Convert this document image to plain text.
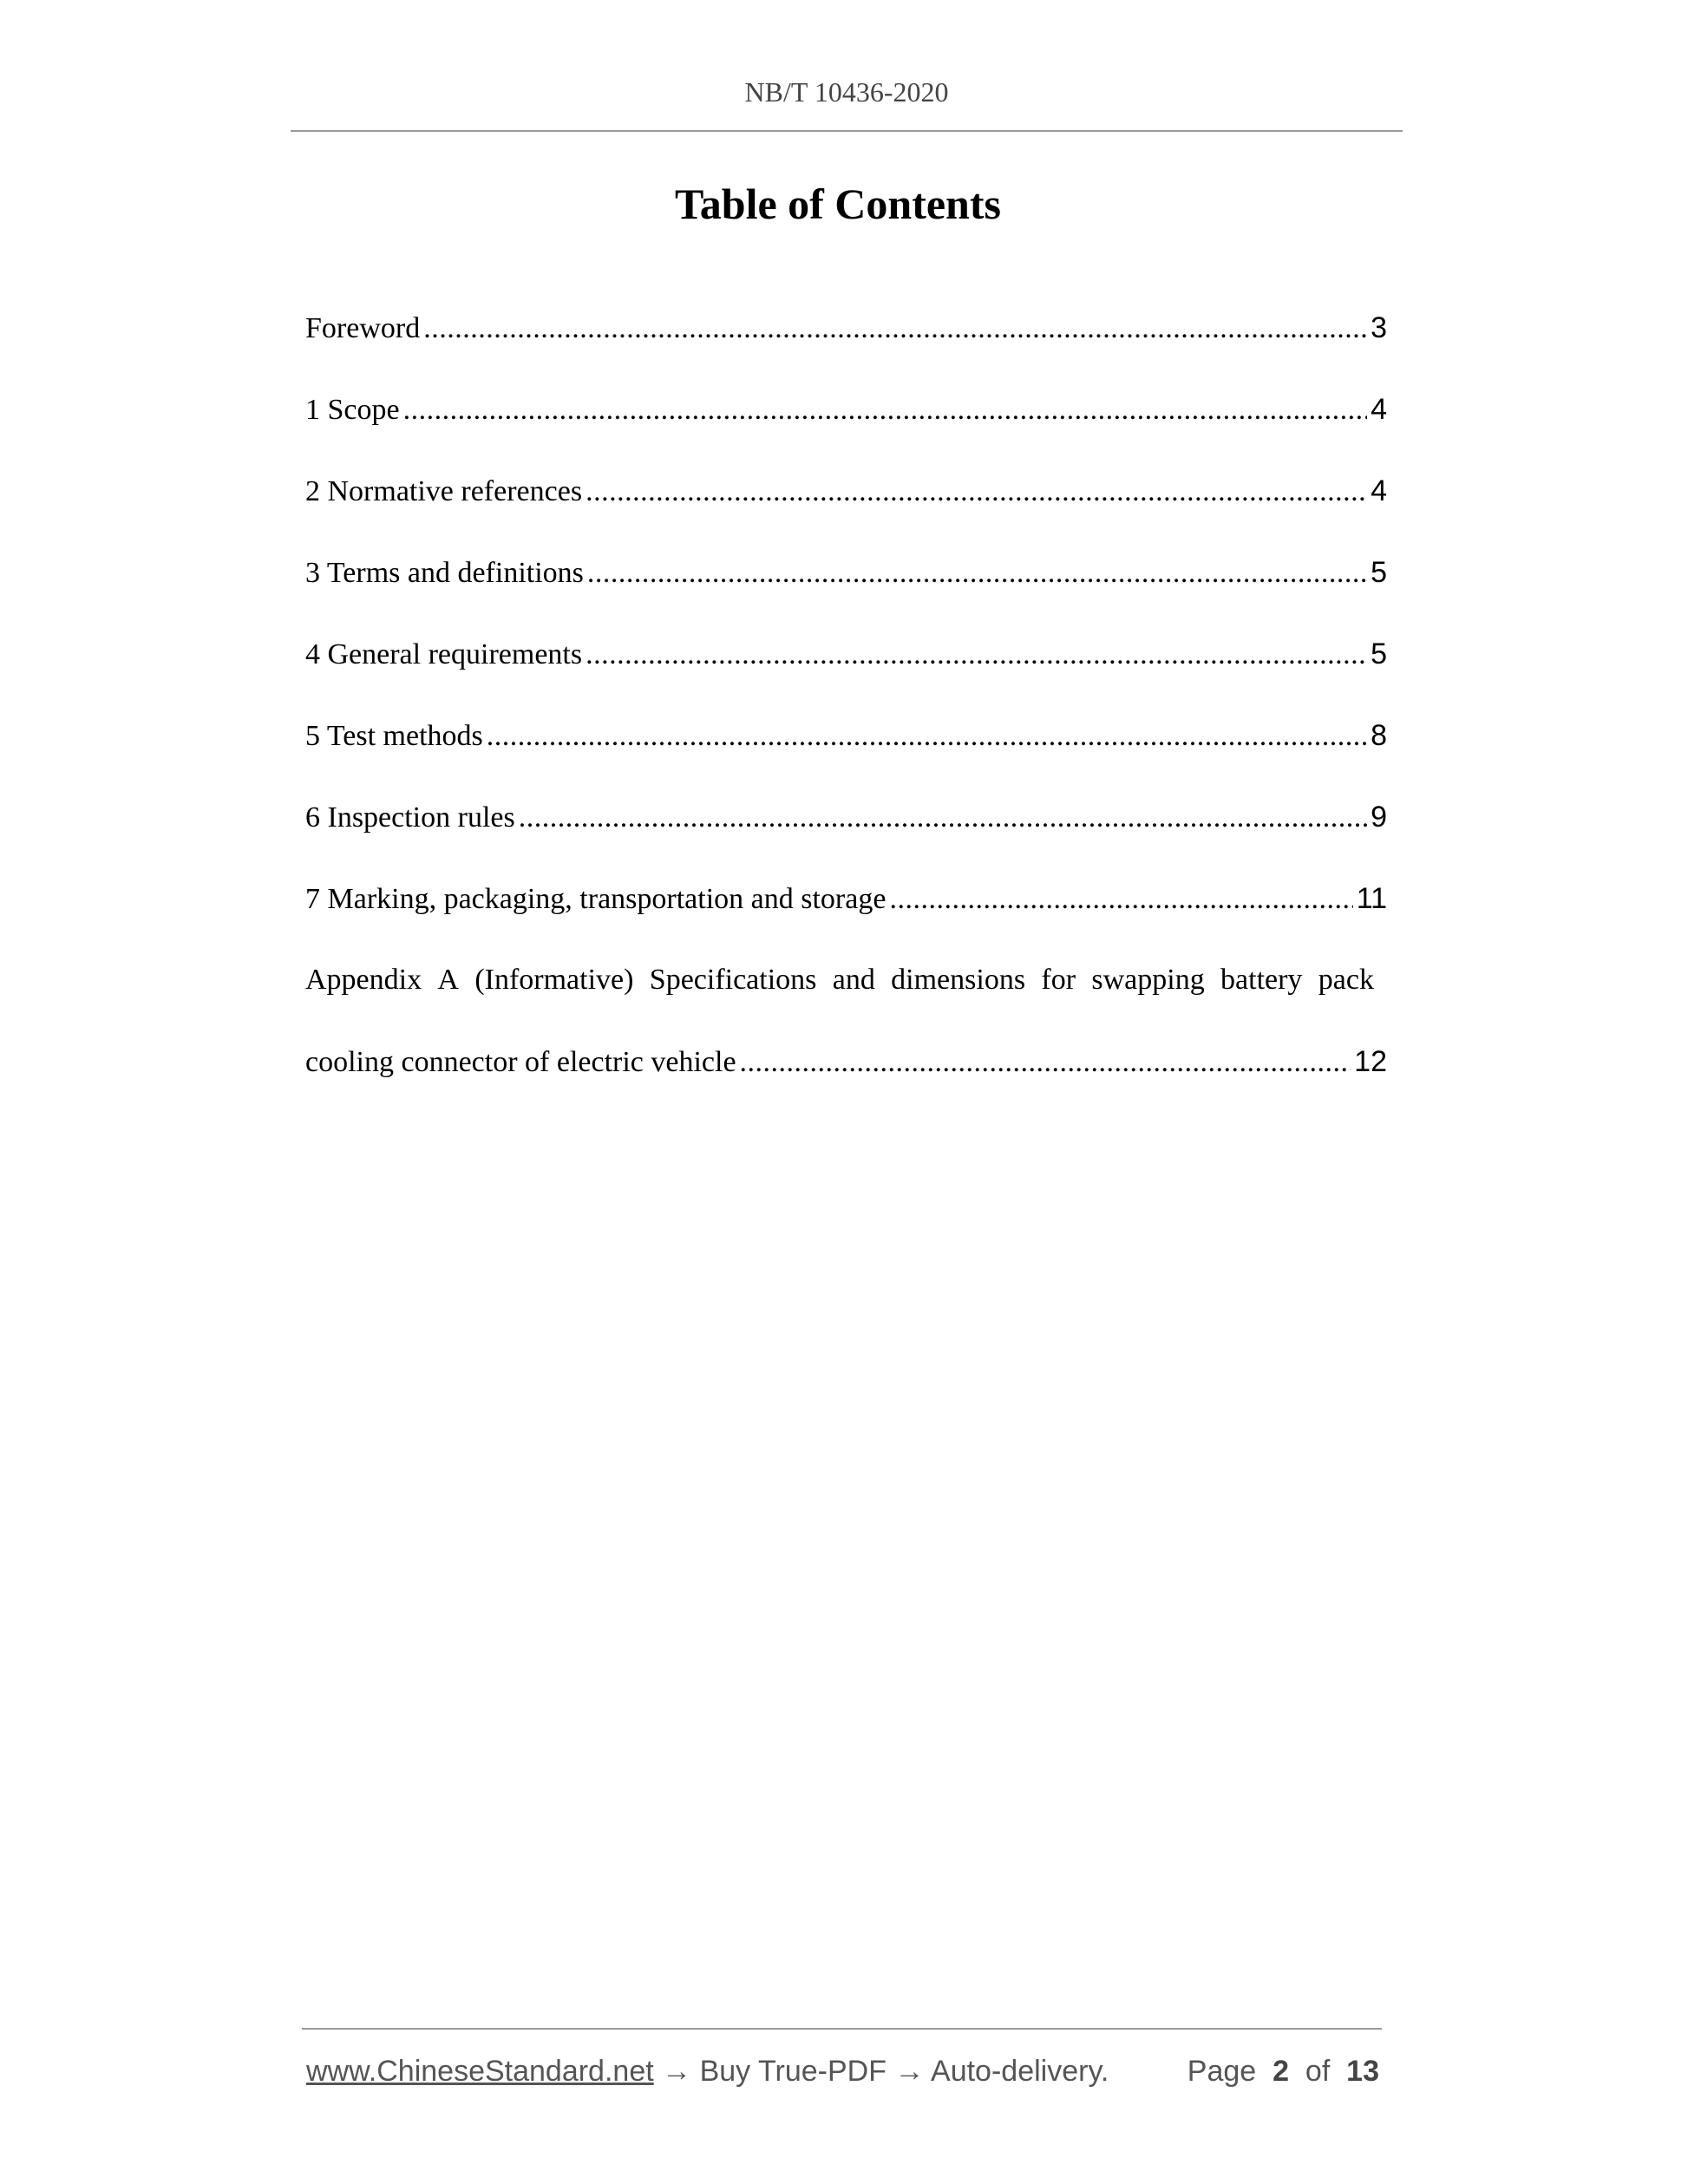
NB/T 10436-2020
Table of Contents
Foreword .....	3
1 Scope .....	4
2 Normative references .....	4
3 Terms and definitions .....	5
4 General requirements .....	5
5 Test methods .....	8
6 Inspection rules .....	9
7 Marking, packaging, transportation and storage .....	11
Appendix A (Informative) Specifications and dimensions for swapping battery pack
cooling connector of electric vehicle .....	12
www.ChineseStandard.net → Buy True-PDF → Auto-delivery.	Page 2 of 13
